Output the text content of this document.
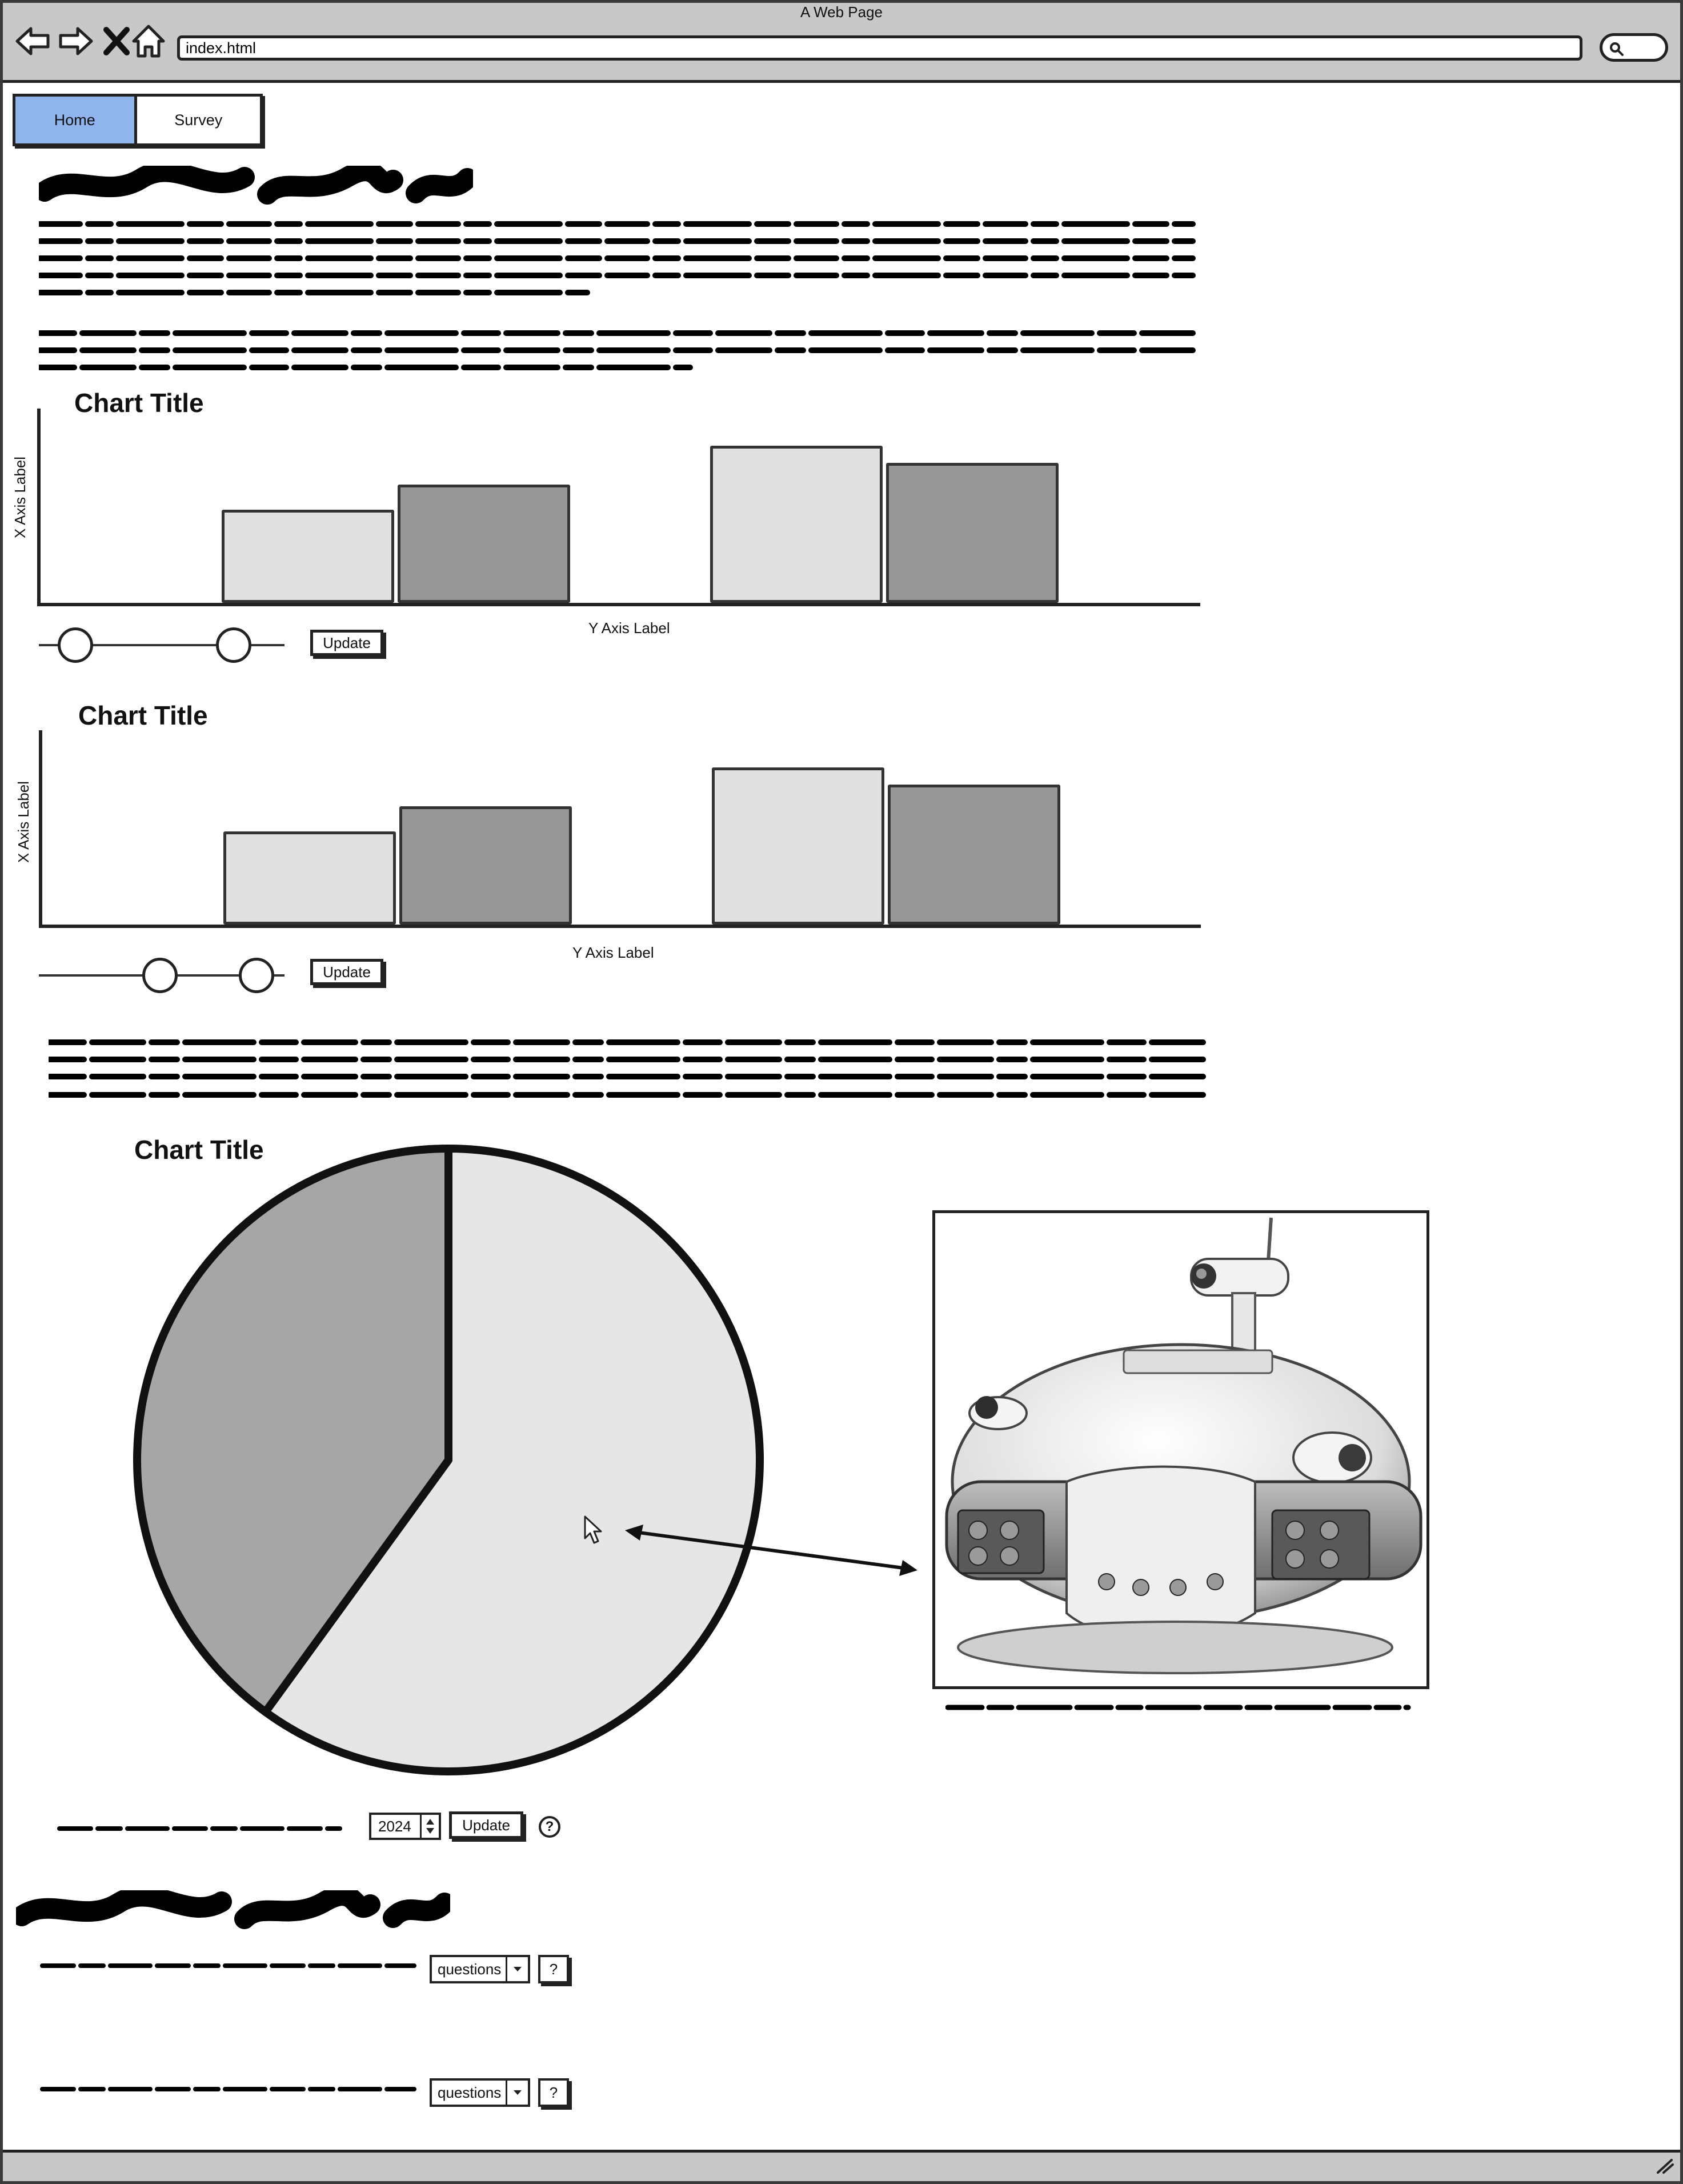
A Web Page
index.html
Home	Survey
Chart Title
X Axis Label
Y Axis Label
Update
Chart Title
X Axis Label
Y Axis Label
Update
Chart Title
2024	Update	?
questions	?
questions	?
